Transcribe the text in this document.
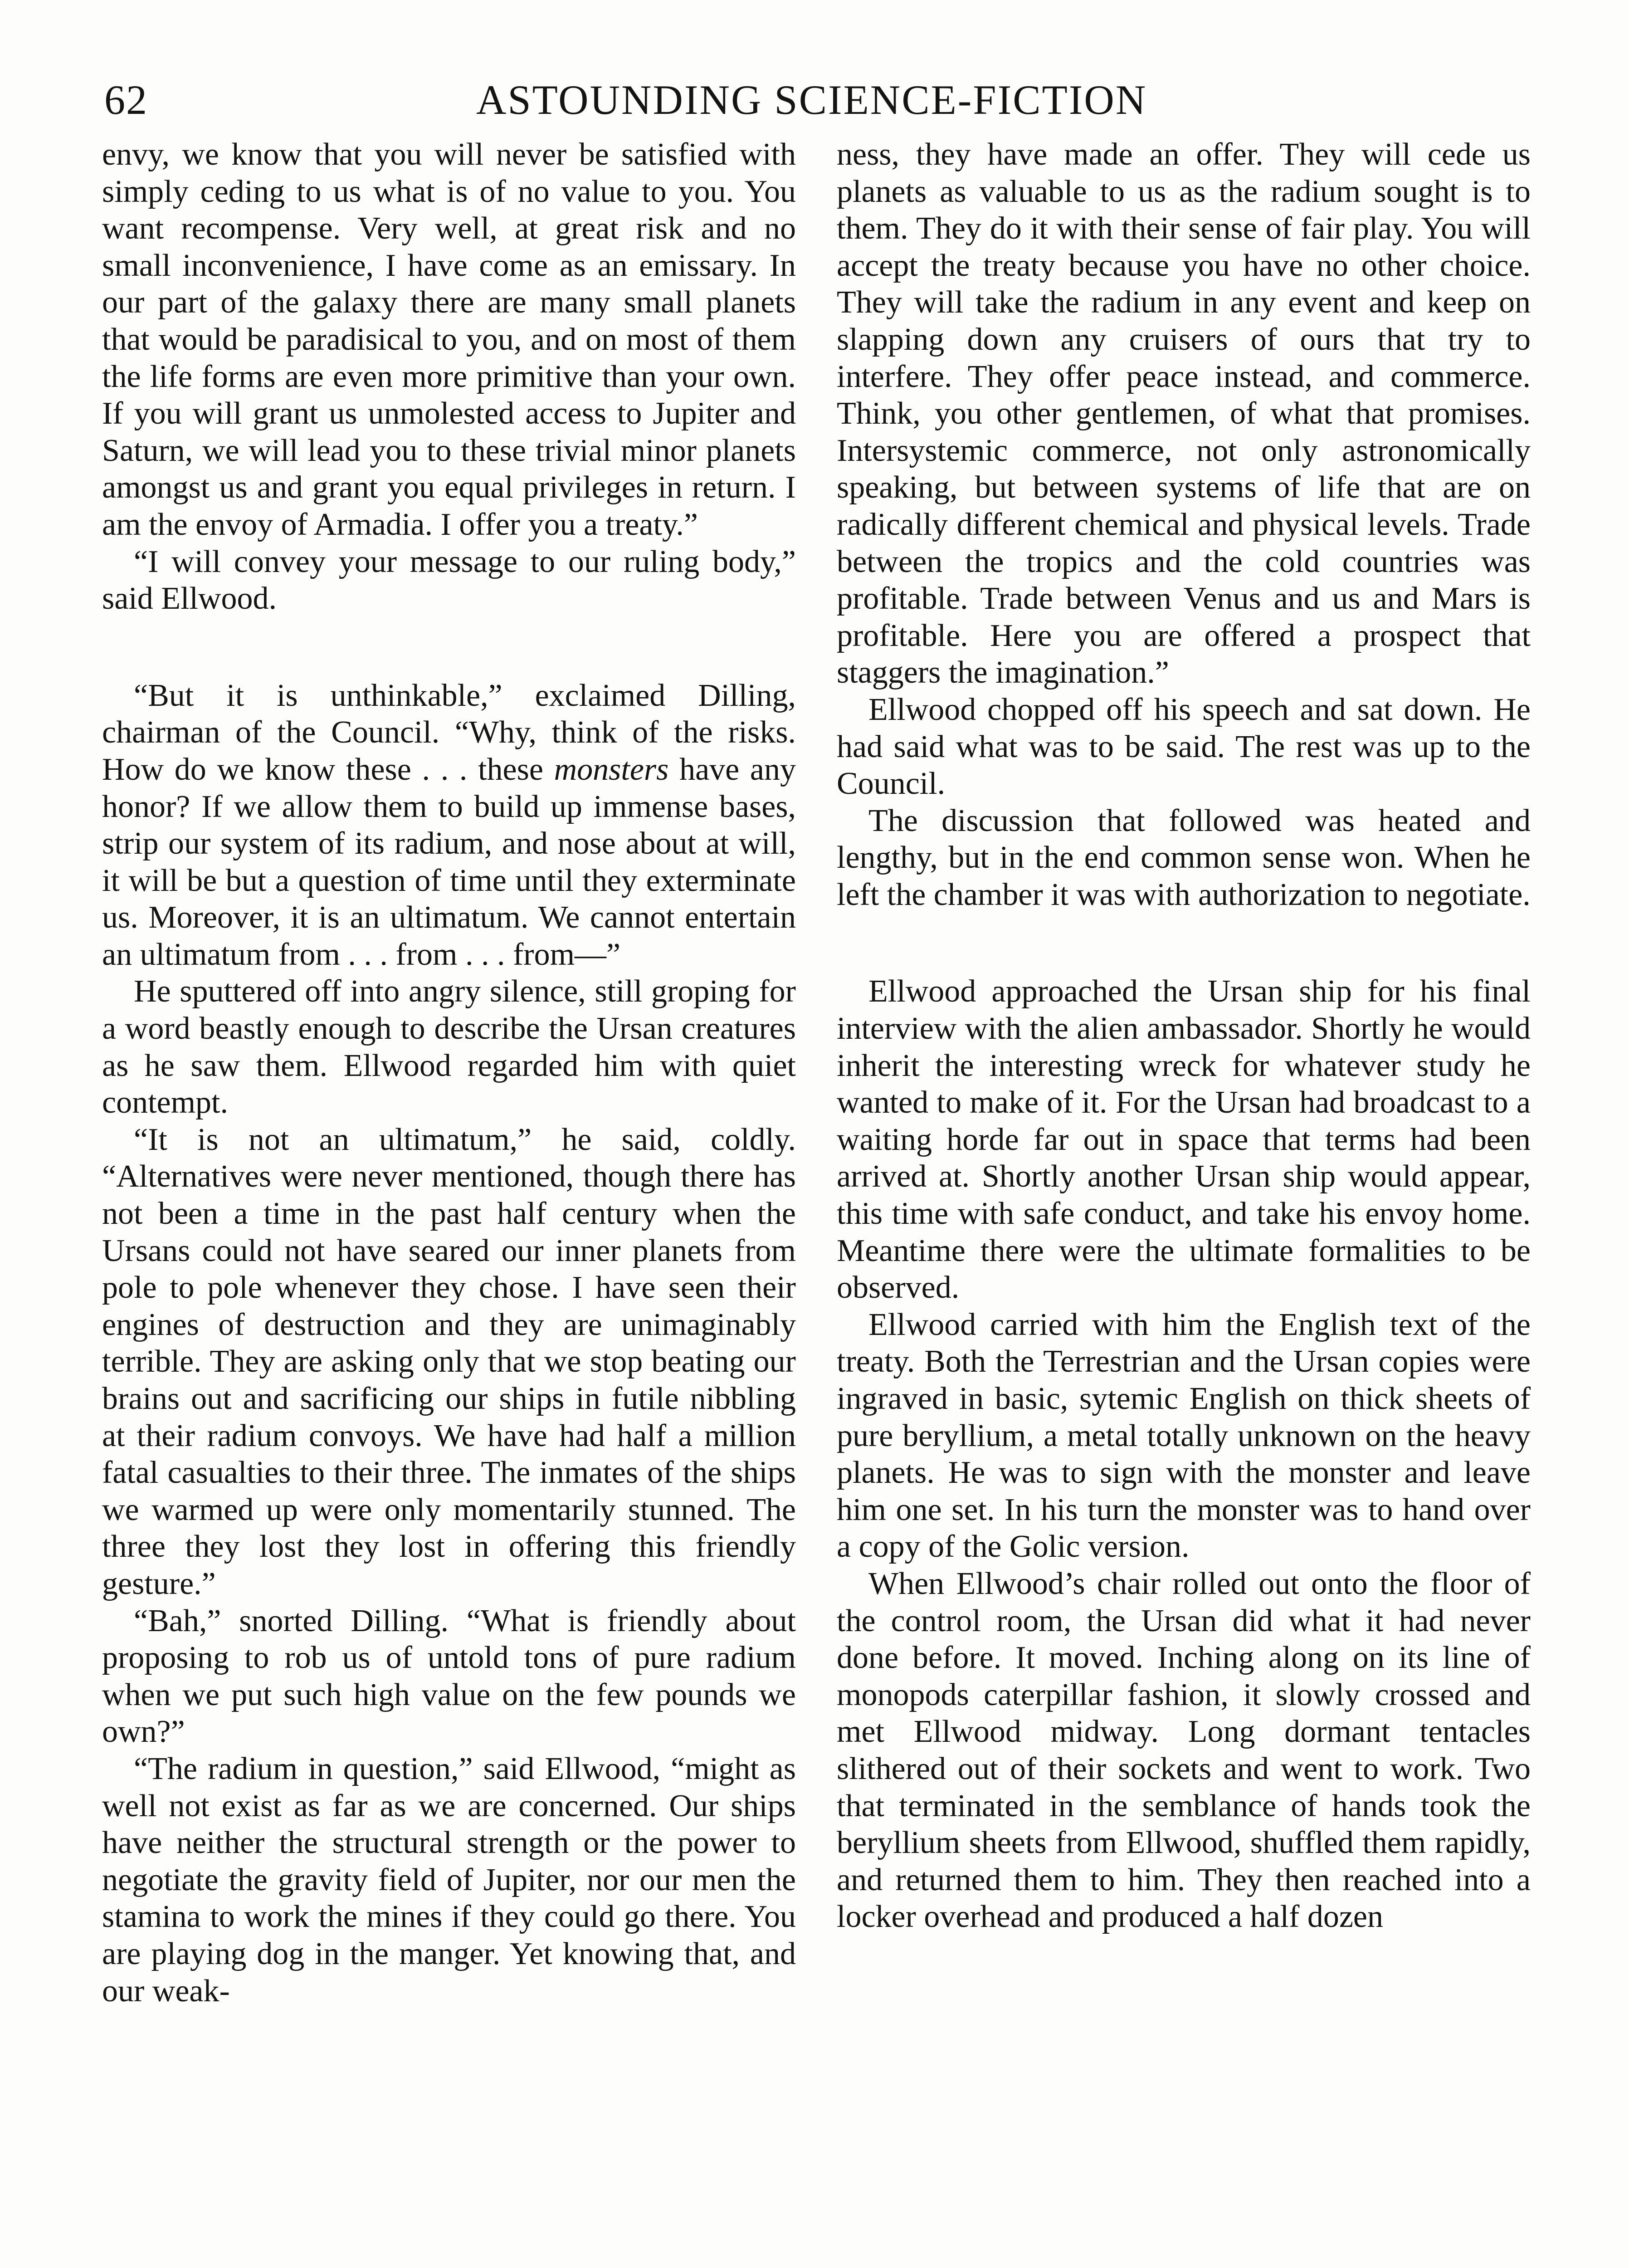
62	ASTOUNDING SCIENCE-FICTION

envy, we know that you will never be satisfied with simply ceding to us what is of no value to you. You want recompense. Very well, at great risk and no small inconvenience, I have come as an emissary. In our part of the galaxy there are many small planets that would be paradisical to you, and on most of them the life forms are even more primitive than your own. If you will grant us unmolested access to Jupiter and Saturn, we will lead you to these trivial minor planets amongst us and grant you equal privileges in return. I am the envoy of Armadia. I offer you a treaty.”

“I will convey your message to our ruling body,” said Ellwood.

“But it is unthinkable,” exclaimed Dilling, chairman of the Council. “Why, think of the risks. How do we know these . . . these monsters have any honor? If we allow them to build up immense bases, strip our system of its radium, and nose about at will, it will be but a question of time until they exterminate us. Moreover, it is an ultimatum. We cannot entertain an ultimatum from . . . from . . . from—”

He sputtered off into angry silence, still groping for a word beastly enough to describe the Ursan creatures as he saw them. Ellwood regarded him with quiet contempt.

“It is not an ultimatum,” he said, coldly. “Alternatives were never mentioned, though there has not been a time in the past half century when the Ursans could not have seared our inner planets from pole to pole whenever they chose. I have seen their engines of destruction and they are unimaginably terrible. They are asking only that we stop beating our brains out and sacrificing our ships in futile nibbling at their radium convoys. We have had half a million fatal casualties to their three. The inmates of the ships we warmed up were only momentarily stunned. The three they lost they lost in offering this friendly gesture.”

“Bah,” snorted Dilling. “What is friendly about proposing to rob us of untold tons of pure radium when we put such high value on the few pounds we own?”

“The radium in question,” said Ellwood, “might as well not exist as far as we are concerned. Our ships have neither the structural strength or the power to negotiate the gravity field of Jupiter, nor our men the stamina to work the mines if they could go there. You are playing dog in the manger. Yet knowing that, and our weak-

ness, they have made an offer. They will cede us planets as valuable to us as the radium sought is to them. They do it with their sense of fair play. You will accept the treaty because you have no other choice. They will take the radium in any event and keep on slapping down any cruisers of ours that try to interfere. They offer peace instead, and commerce. Think, you other gentlemen, of what that promises. Intersystemic commerce, not only astronomically speaking, but between systems of life that are on radically different chemical and physical levels. Trade between the tropics and the cold countries was profitable. Trade between Venus and us and Mars is profitable. Here you are offered a prospect that staggers the imagination.”

Ellwood chopped off his speech and sat down. He had said what was to be said. The rest was up to the Council.

The discussion that followed was heated and lengthy, but in the end common sense won. When he left the chamber it was with authorization to negotiate.

Ellwood approached the Ursan ship for his final interview with the alien ambassador. Shortly he would inherit the interesting wreck for whatever study he wanted to make of it. For the Ursan had broadcast to a waiting horde far out in space that terms had been arrived at. Shortly another Ursan ship would appear, this time with safe conduct, and take his envoy home. Meantime there were the ultimate formalities to be observed.

Ellwood carried with him the English text of the treaty. Both the Terrestrian and the Ursan copies were ingraved in basic, sytemic English on thick sheets of pure beryllium, a metal totally unknown on the heavy planets. He was to sign with the monster and leave him one set. In his turn the monster was to hand over a copy of the Golic version.

When Ellwood’s chair rolled out onto the floor of the control room, the Ursan did what it had never done before. It moved. Inching along on its line of monopods caterpillar fashion, it slowly crossed and met Ellwood midway. Long dormant tentacles slithered out of their sockets and went to work. Two that terminated in the semblance of hands took the beryllium sheets from Ellwood, shuffled them rapidly, and returned them to him. They then reached into a locker overhead and produced a half dozen
